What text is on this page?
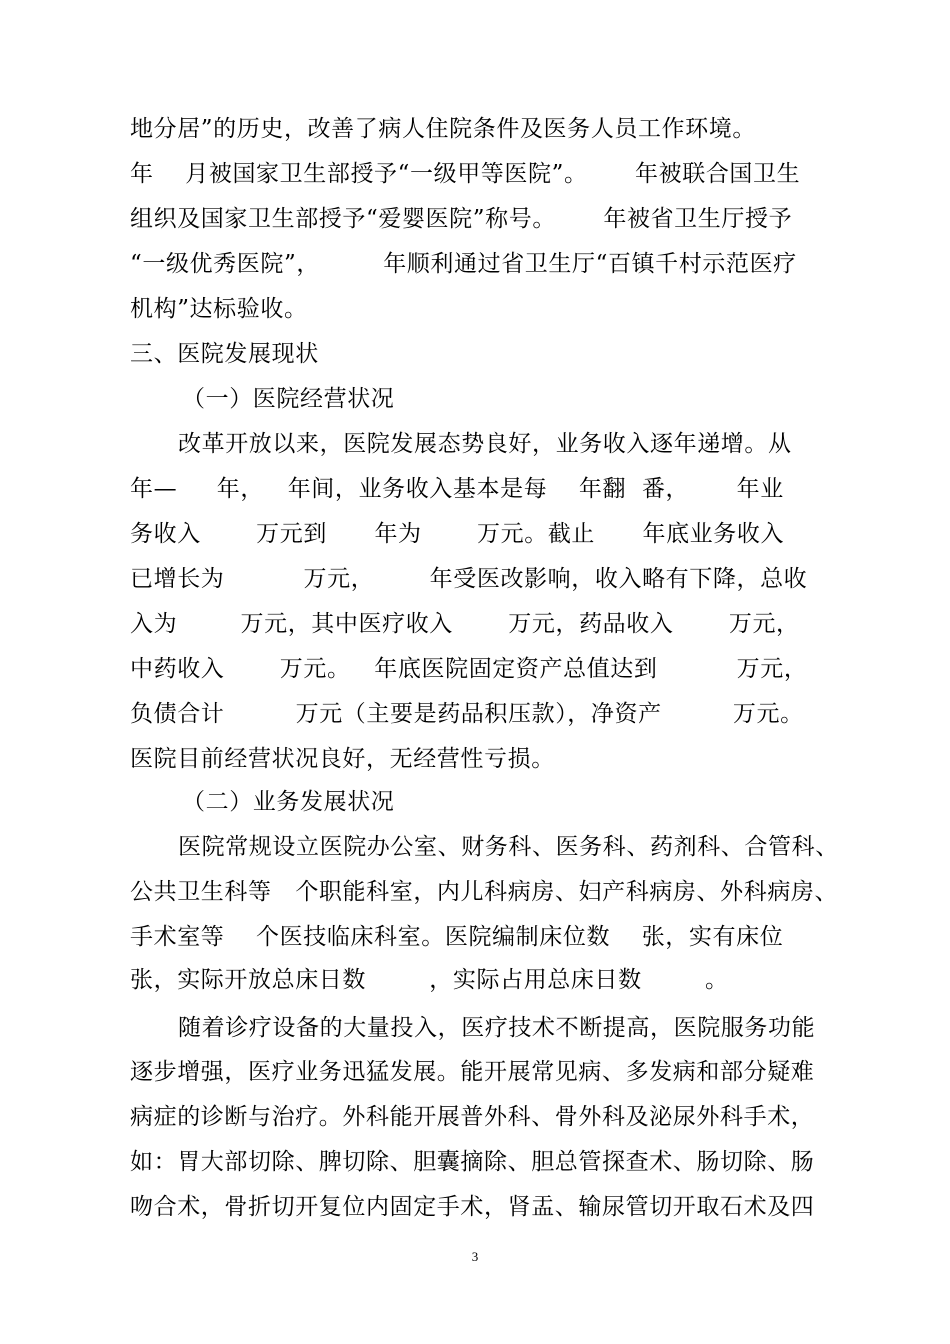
地分居”的历史，改善了病人住院条件及医务人员工作环境。
年    月被国家卫生部授予“一级甲等医院”。      年被联合国卫生
组织及国家卫生部授予“爱婴医院”称号。      年被省卫生厅授予
“一级优秀医院”，        年顺利通过省卫生厅“百镇千村示范医疗
机构”达标验收。
三、医院发展现状
（一）医院经营状况
改革开放以来，医院发展态势良好，业务收入逐年递增。从
年—     年，   年间，业务收入基本是每    年翻  番，      年业
务收入       万元到      年为       万元。截止      年底业务收入
已增长为          万元，       年受医改影响，收入略有下降，总收
入为        万元，其中医疗收入       万元，药品收入       万元，
中药收入       万元。   年底医院固定资产总值达到          万元，
负债合计         万元（主要是药品积压款），净资产         万元。
医院目前经营状况良好，无经营性亏损。
（二）业务发展状况
医院常规设立医院办公室、财务科、医务科、药剂科、合管科、
公共卫生科等   个职能科室，内儿科病房、妇产科病房、外科病房、
手术室等    个医技临床科室。医院编制床位数    张，实有床位
张，实际开放总床日数        ，实际占用总床日数        。
随着诊疗设备的大量投入，医疗技术不断提高，医院服务功能
逐步增强，医疗业务迅猛发展。能开展常见病、多发病和部分疑难
病症的诊断与治疗。外科能开展普外科、骨外科及泌尿外科手术，
如：胃大部切除、脾切除、胆囊摘除、胆总管探查术、肠切除、肠
吻合术，骨折切开复位内固定手术，肾盂、输尿管切开取石术及四
3
